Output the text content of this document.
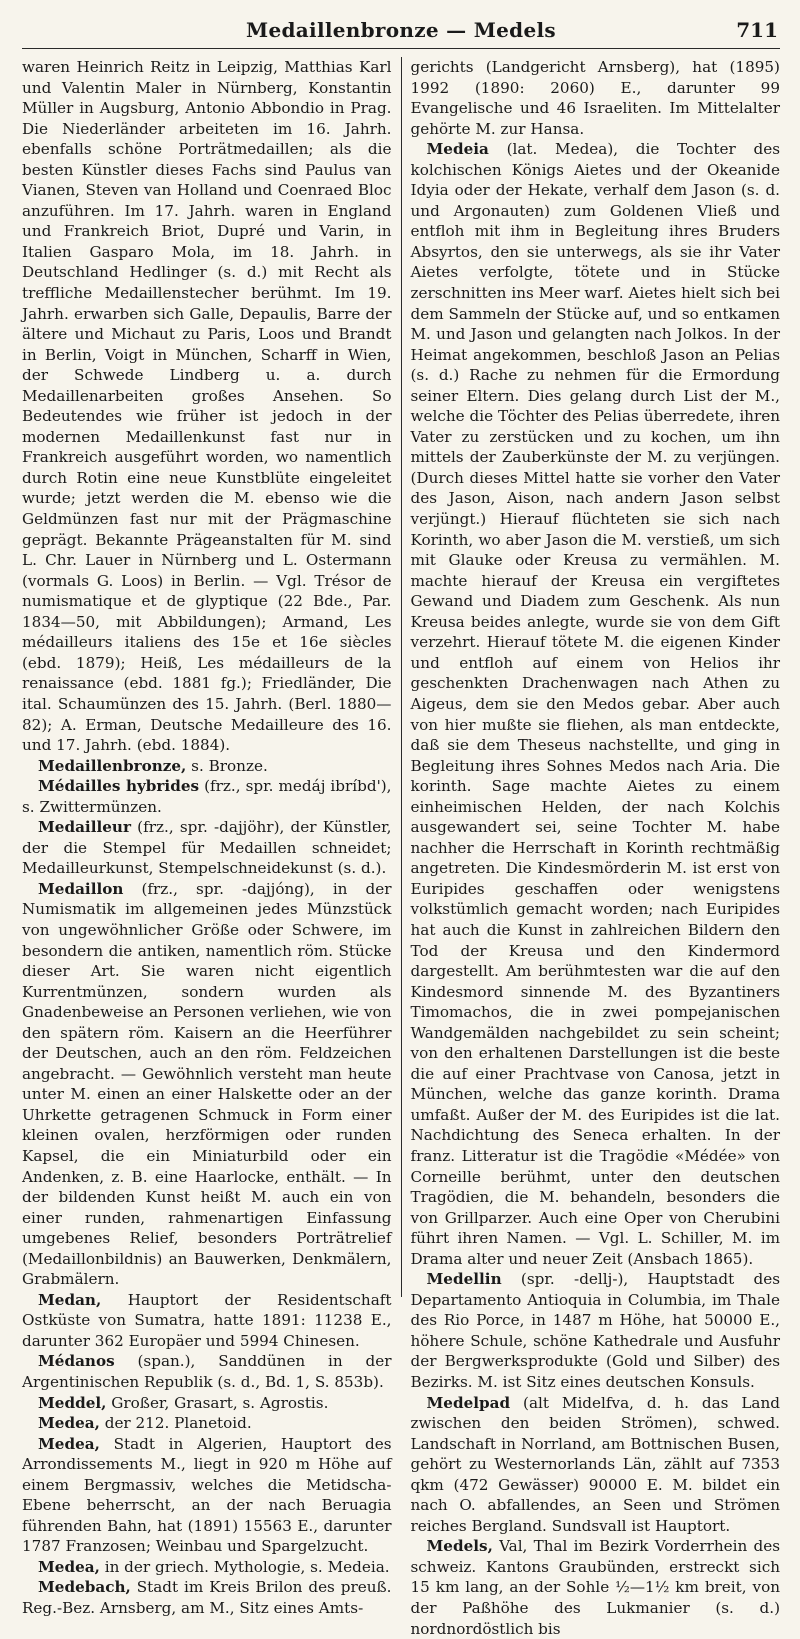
Medaillenbronze — Medels	711

waren Heinrich Reitz in Leipzig, Matthias Karl und Valentin Maler in Nürnberg, Konstantin Müller in Augsburg, Antonio Abbondio in Prag. Die Niederländer arbeiteten im 16. Jahrh. ebenfalls schöne Porträtmedaillen; als die besten Künstler dieses Fachs sind Paulus van Vianen, Steven van Holland und Coenraed Bloc anzuführen. Im 17. Jahrh. waren in England und Frankreich Briot, Dupré und Varin, in Italien Gasparo Mola, im 18. Jahrh. in Deutschland Hedlinger (s. d.) mit Recht als treffliche Medaillenstecher berühmt. Im 19. Jahrh. erwarben sich Galle, Depaulis, Barre der ältere und Michaut zu Paris, Loos und Brandt in Berlin, Voigt in München, Scharff in Wien, der Schwede Lindberg u. a. durch Medaillenarbeiten großes Ansehen. So Bedeutendes wie früher ist jedoch in der modernen Medaillenkunst fast nur in Frankreich ausgeführt worden, wo namentlich durch Rotin eine neue Kunstblüte eingeleitet wurde; jetzt werden die M. ebenso wie die Geldmünzen fast nur mit der Prägmaschine geprägt. Bekannte Prägeanstalten für M. sind L. Chr. Lauer in Nürnberg und L. Ostermann (vormals G. Loos) in Berlin. — Vgl. Trésor de numismatique et de glyptique (22 Bde., Par. 1834—50, mit Abbildungen); Armand, Les médailleurs italiens des 15e et 16e siècles (ebd. 1879); Heiß, Les médailleurs de la renaissance (ebd. 1881 fg.); Friedländer, Die ital. Schaumünzen des 15. Jahrh. (Berl. 1880—82); A. Erman, Deutsche Medailleure des 16. und 17. Jahrh. (ebd. 1884).

Medaillenbronze, s. Bronze.

Médailles hybrides (frz., spr. medáj ibríbd'), s. Zwittermünzen.

Medailleur (frz., spr. -dajjöhr), der Künstler, der die Stempel für Medaillen schneidet; Medailleurkunst, Stempelschneidekunst (s. d.).

Medaillon (frz., spr. -dajjóng), in der Numismatik im allgemeinen jedes Münzstück von ungewöhnlicher Größe oder Schwere, im besondern die antiken, namentlich röm. Stücke dieser Art. Sie waren nicht eigentlich Kurrentmünzen, sondern wurden als Gnadenbeweise an Personen verliehen, wie von den spätern röm. Kaisern an die Heerführer der Deutschen, auch an den röm. Feldzeichen angebracht. — Gewöhnlich versteht man heute unter M. einen an einer Halskette oder an der Uhrkette getragenen Schmuck in Form einer kleinen ovalen, herzförmigen oder runden Kapsel, die ein Miniaturbild oder ein Andenken, z. B. eine Haarlocke, enthält. — In der bildenden Kunst heißt M. auch ein von einer runden, rahmenartigen Einfassung umgebenes Relief, besonders Porträtrelief (Medaillonbildnis) an Bauwerken, Denkmälern, Grabmälern.

Medan, Hauptort der Residentschaft Ostküste von Sumatra, hatte 1891: 11238 E., darunter 362 Europäer und 5994 Chinesen.

Médanos (span.), Sanddünen in der Argentinischen Republik (s. d., Bd. 1, S. 853b).

Meddel, Großer, Grasart, s. Agrostis.

Medea, der 212. Planetoid.

Medea, Stadt in Algerien, Hauptort des Arrondissements M., liegt in 920 m Höhe auf einem Bergmassiv, welches die Metidscha-Ebene beherrscht, an der nach Beruagia führenden Bahn, hat (1891) 15563 E., darunter 1787 Franzosen; Weinbau und Spargelzucht.

Medea, in der griech. Mythologie, s. Medeia.

Medebach, Stadt im Kreis Brilon des preuß. Reg.-Bez. Arnsberg, am M., Sitz eines Amts-

gerichts (Landgericht Arnsberg), hat (1895) 1992 (1890: 2060) E., darunter 99 Evangelische und 46 Israeliten. Im Mittelalter gehörte M. zur Hansa.

Medeia (lat. Medea), die Tochter des kolchischen Königs Aietes und der Okeanide Idyia oder der Hekate, verhalf dem Jason (s. d. und Argonauten) zum Goldenen Vließ und entfloh mit ihm in Begleitung ihres Bruders Absyrtos, den sie unterwegs, als sie ihr Vater Aietes verfolgte, tötete und in Stücke zerschnitten ins Meer warf. Aietes hielt sich bei dem Sammeln der Stücke auf, und so entkamen M. und Jason und gelangten nach Jolkos. In der Heimat angekommen, beschloß Jason an Pelias (s. d.) Rache zu nehmen für die Ermordung seiner Eltern. Dies gelang durch List der M., welche die Töchter des Pelias überredete, ihren Vater zu zerstücken und zu kochen, um ihn mittels der Zauberkünste der M. zu verjüngen. (Durch dieses Mittel hatte sie vorher den Vater des Jason, Aison, nach andern Jason selbst verjüngt.) Hierauf flüchteten sie sich nach Korinth, wo aber Jason die M. verstieß, um sich mit Glauke oder Kreusa zu vermählen. M. machte hierauf der Kreusa ein vergiftetes Gewand und Diadem zum Geschenk. Als nun Kreusa beides anlegte, wurde sie von dem Gift verzehrt. Hierauf tötete M. die eigenen Kinder und entfloh auf einem von Helios ihr geschenkten Drachenwagen nach Athen zu Aigeus, dem sie den Medos gebar. Aber auch von hier mußte sie fliehen, als man entdeckte, daß sie dem Theseus nachstellte, und ging in Begleitung ihres Sohnes Medos nach Aria. Die korinth. Sage machte Aietes zu einem einheimischen Helden, der nach Kolchis ausgewandert sei, seine Tochter M. habe nachher die Herrschaft in Korinth rechtmäßig angetreten. Die Kindesmörderin M. ist erst von Euripides geschaffen oder wenigstens volkstümlich gemacht worden; nach Euripides hat auch die Kunst in zahlreichen Bildern den Tod der Kreusa und den Kindermord dargestellt. Am berühmtesten war die auf den Kindesmord sinnende M. des Byzantiners Timomachos, die in zwei pompejanischen Wandgemälden nachgebildet zu sein scheint; von den erhaltenen Darstellungen ist die beste die auf einer Prachtvase von Canosa, jetzt in München, welche das ganze korinth. Drama umfaßt. Außer der M. des Euripides ist die lat. Nachdichtung des Seneca erhalten. In der franz. Litteratur ist die Tragödie «Médée» von Corneille berühmt, unter den deutschen Tragödien, die M. behandeln, besonders die von Grillparzer. Auch eine Oper von Cherubini führt ihren Namen. — Vgl. L. Schiller, M. im Drama alter und neuer Zeit (Ansbach 1865).

Medellin (spr. -dellj-), Hauptstadt des Departamento Antioquia in Columbia, im Thale des Rio Porce, in 1487 m Höhe, hat 50000 E., höhere Schule, schöne Kathedrale und Ausfuhr der Bergwerksprodukte (Gold und Silber) des Bezirks. M. ist Sitz eines deutschen Konsuls.

Medelpad (alt Midelfva, d. h. das Land zwischen den beiden Strömen), schwed. Landschaft in Norrland, am Bottnischen Busen, gehört zu Westernorlands Län, zählt auf 7353 qkm (472 Gewässer) 90000 E. M. bildet ein nach O. abfallendes, an Seen und Strömen reiches Bergland. Sundsvall ist Hauptort.

Medels, Val, Thal im Bezirk Vorderrhein des schweiz. Kantons Graubünden, erstreckt sich 15 km lang, an der Sohle ½—1½ km breit, von der Paßhöhe des Lukmanier (s. d.) nordnordöstlich bis
